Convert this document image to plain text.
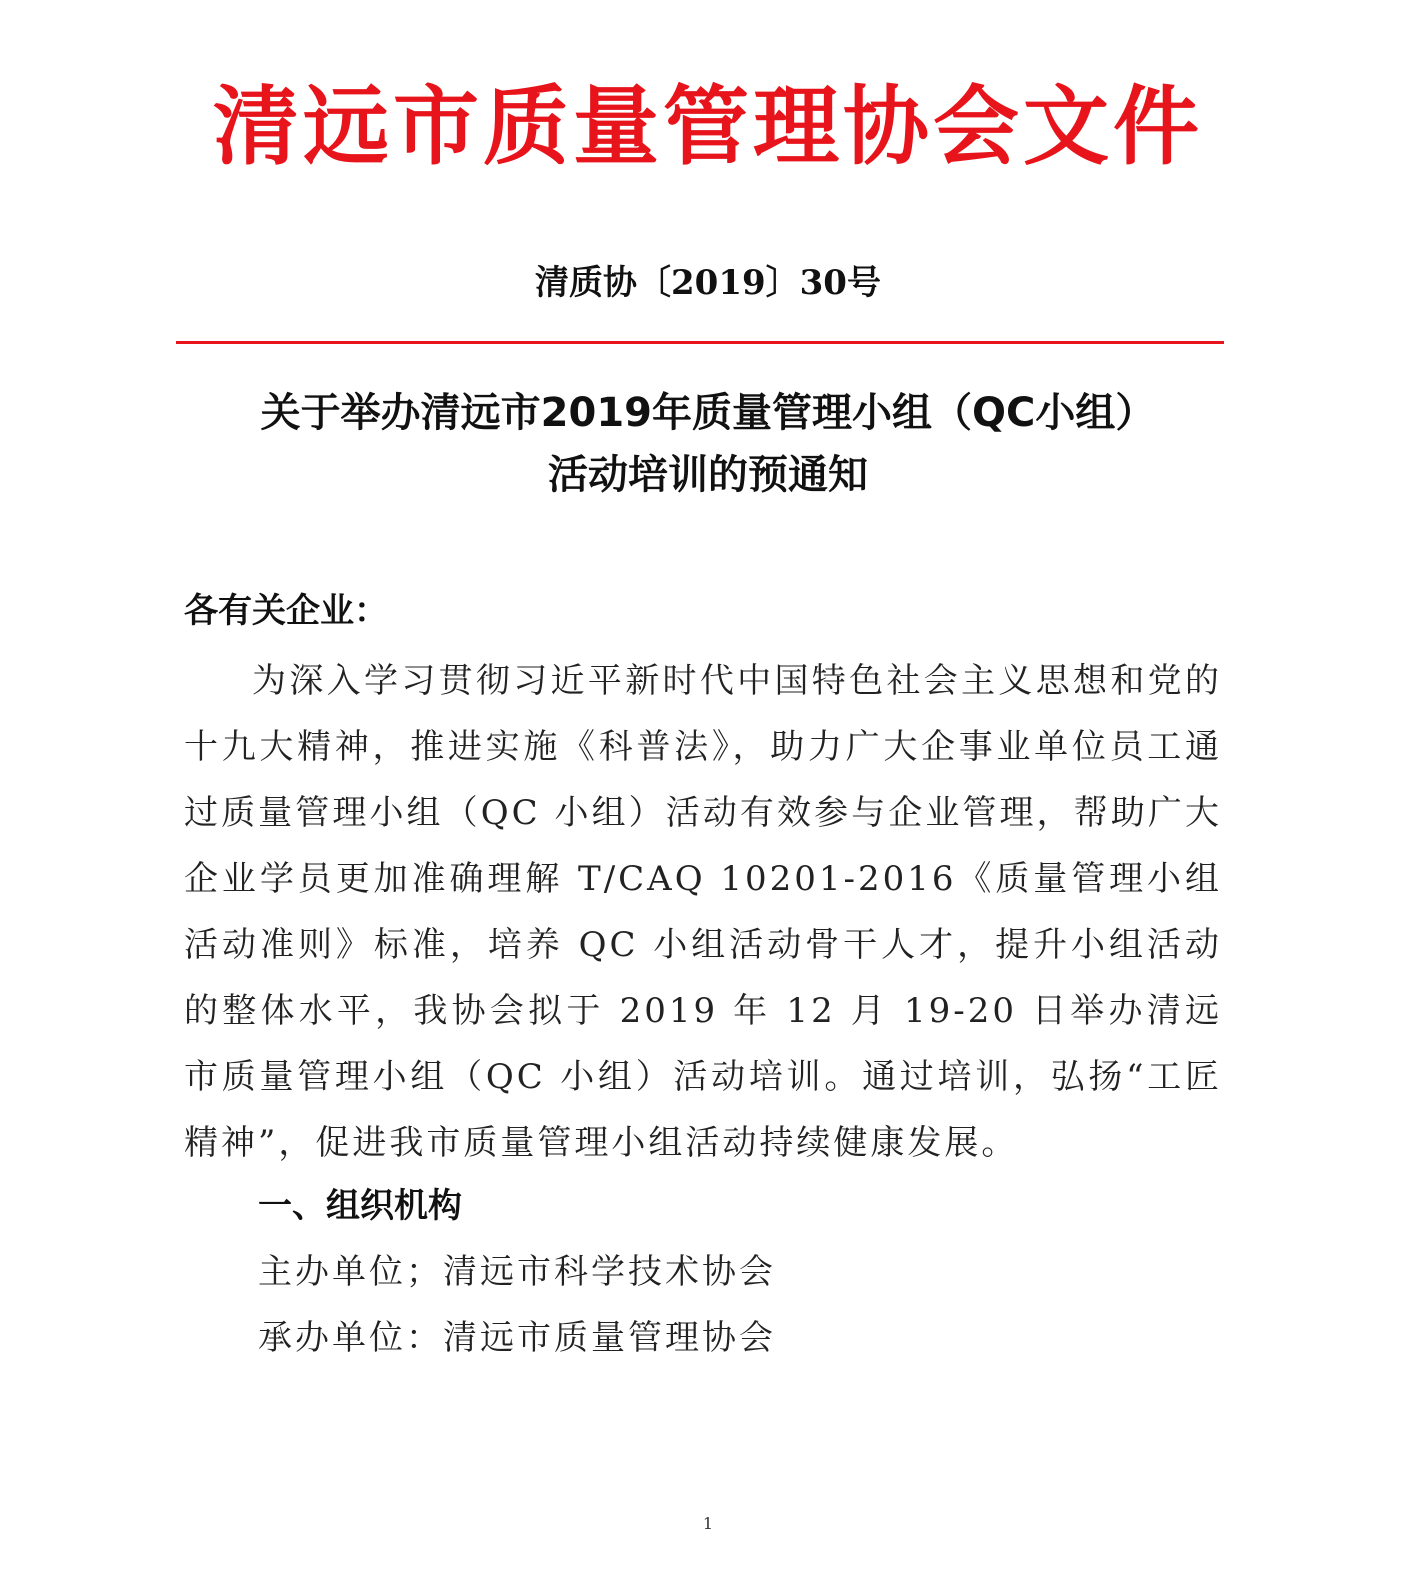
清远市质量管理协会文件
清质协〔2019〕30号
关于举办清远市2019年质量管理小组（QC小组）
活动培训的预通知
各有关企业：

为深入学习贯彻习近平新时代中国特色社会主义思想和党的十九大精神，推进实施《科普法》，助力广大企事业单位员工通过质量管理小组（QC 小组）活动有效参与企业管理，帮助广大企业学员更加准确理解 T/CAQ 10201-2016《质量管理小组活动准则》标准，培养 QC 小组活动骨干人才，提升小组活动的整体水平，我协会拟于 2019 年 12 月 19-20 日举办清远市质量管理小组（QC 小组）活动培训。通过培训，弘扬“工匠精神”，促进我市质量管理小组活动持续健康发展。

一、组织机构
主办单位；清远市科学技术协会
承办单位：清远市质量管理协会
1
